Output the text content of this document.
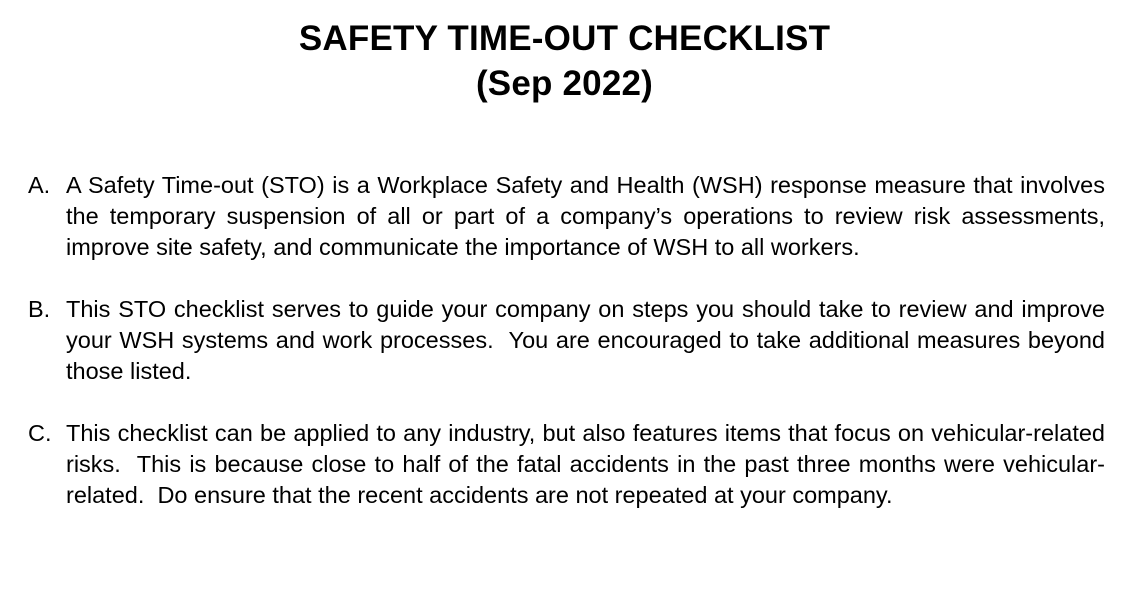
SAFETY TIME-OUT CHECKLIST
(Sep 2022)
A. A Safety Time-out (STO) is a Workplace Safety and Health (WSH) response measure that involves the temporary suspension of all or part of a company’s operations to review risk assessments, improve site safety, and communicate the importance of WSH to all workers.
B. This STO checklist serves to guide your company on steps you should take to review and improve your WSH systems and work processes.  You are encouraged to take additional measures beyond those listed.
C. This checklist can be applied to any industry, but also features items that focus on vehicular-related risks.  This is because close to half of the fatal accidents in the past three months were vehicular-related.  Do ensure that the recent accidents are not repeated at your company.
